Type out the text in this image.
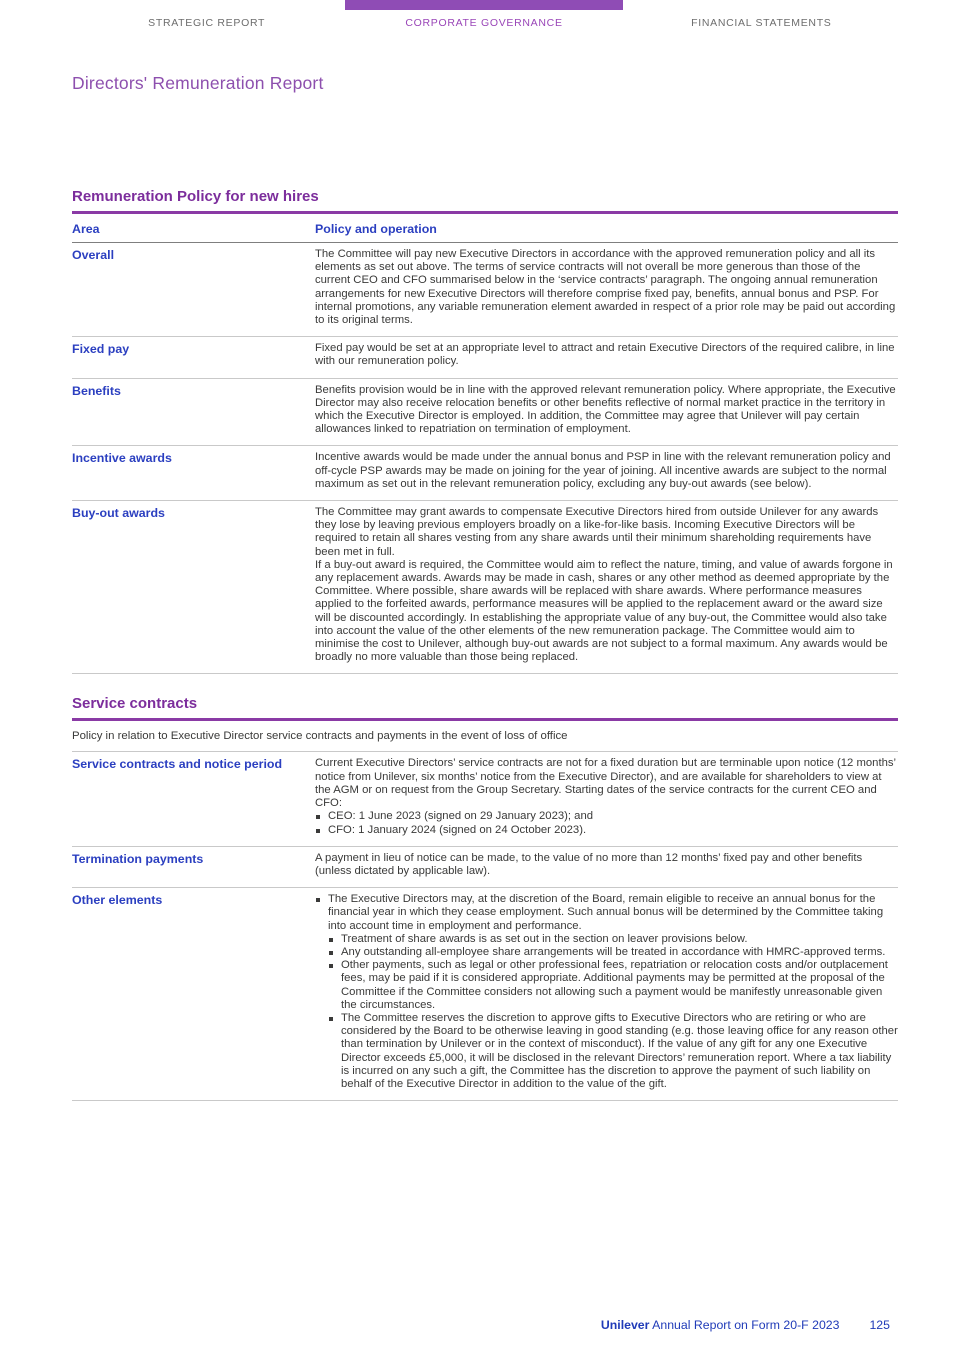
STRATEGIC REPORT	CORPORATE GOVERNANCE	FINANCIAL STATEMENTS
Directors' Remuneration Report
Remuneration Policy for new hires
Area	Policy and operation
Overall	The Committee will pay new Executive Directors in accordance with the approved remuneration policy and all its elements as set out above. The terms of service contracts will not overall be more generous than those of the current CEO and CFO summarised below in the ‘service contracts’ paragraph. The ongoing annual remuneration arrangements for new Executive Directors will therefore comprise fixed pay, benefits, annual bonus and PSP. For internal promotions, any variable remuneration element awarded in respect of a prior role may be paid out according to its original terms.

Fixed pay	Fixed pay would be set at an appropriate level to attract and retain Executive Directors of the required calibre, in line with our remuneration policy.

Benefits	Benefits provision would be in line with the approved relevant remuneration policy. Where appropriate, the Executive Director may also receive relocation benefits or other benefits reflective of normal market practice in the territory in which the Executive Director is employed. In addition, the Committee may agree that Unilever will pay certain allowances linked to repatriation on termination of employment.

Incentive awards	Incentive awards would be made under the annual bonus and PSP in line with the relevant remuneration policy and off-cycle PSP awards may be made on joining for the year of joining. All incentive awards are subject to the normal maximum as set out in the relevant remuneration policy, excluding any buy-out awards (see below).

Buy-out awards	The Committee may grant awards to compensate Executive Directors hired from outside Unilever for any awards they lose by leaving previous employers broadly on a like-for-like basis. Incoming Executive Directors will be required to retain all shares vesting from any share awards until their minimum shareholding requirements have been met in full.

If a buy-out award is required, the Committee would aim to reflect the nature, timing, and value of awards forgone in any replacement awards. Awards may be made in cash, shares or any other method as deemed appropriate by the Committee. Where possible, share awards will be replaced with share awards. Where performance measures applied to the forfeited awards, performance measures will be applied to the replacement award or the award size will be discounted accordingly. In establishing the appropriate value of any buy-out, the Committee would also take into account the value of the other elements of the new remuneration package. The Committee would aim to minimise the cost to Unilever, although buy-out awards are not subject to a formal maximum. Any awards would be broadly no more valuable than those being replaced.

Service contracts
Policy in relation to Executive Director service contracts and payments in the event of loss of office
Service contracts and notice period	Current Executive Directors’ service contracts are not for a fixed duration but are terminable upon notice (12 months’ notice from Unilever, six months’ notice from the Executive Director), and are available for shareholders to view at the AGM or on request from the Group Secretary. Starting dates of the service contracts for the current CEO and CFO:

CEO: 1 June 2023 (signed on 29 January 2023); and
CFO: 1 January 2024 (signed on 24 October 2023).
Termination payments	A payment in lieu of notice can be made, to the value of no more than 12 months’ fixed pay and other benefits (unless dictated by applicable law).

Other elements	The Executive Directors may, at the discretion of the Board, remain eligible to receive an annual bonus for the financial year in which they cease employment. Such annual bonus will be determined by the Committee taking into account time in employment and performance.
Treatment of share awards is as set out in the section on leaver provisions below.
Any outstanding all-employee share arrangements will be treated in accordance with HMRC-approved terms.
Other payments, such as legal or other professional fees, repatriation or relocation costs and/or outplacement fees, may be paid if it is considered appropriate. Additional payments may be permitted at the proposal of the Committee if the Committee considers not allowing such a payment would be manifestly unreasonable given the circumstances.
The Committee reserves the discretion to approve gifts to Executive Directors who are retiring or who are considered by the Board to be otherwise leaving in good standing (e.g. those leaving office for any reason other than termination by Unilever or in the context of misconduct). If the value of any gift for any one Executive Director exceeds £5,000, it will be disclosed in the relevant Directors’ remuneration report. Where a tax liability is incurred on any such a gift, the Committee has the discretion to approve the payment of such liability on behalf of the Executive Director in addition to the value of the gift.
Unilever Annual Report on Form 20-F 2023 125
